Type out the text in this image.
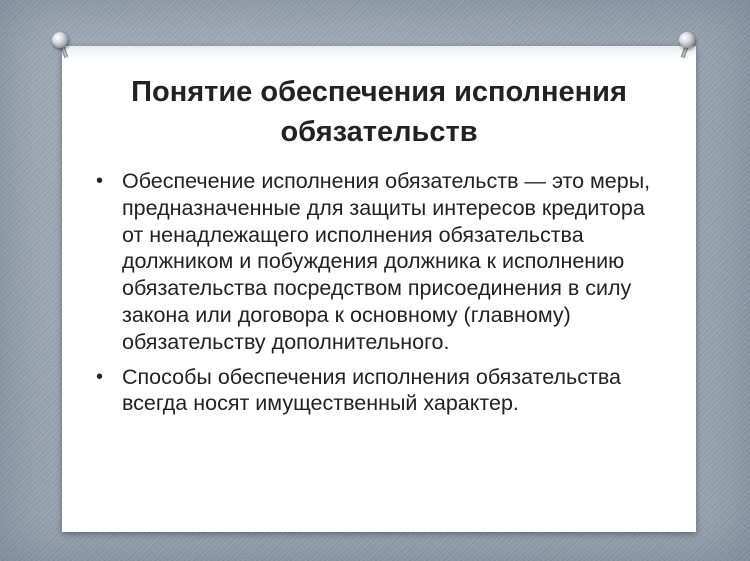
Понятие обеспечения исполнения
обязательств
• Обеспечение исполнения обязательств — это меры, предназначенные для защиты интересов кредитора от ненадлежащего исполнения обязательства должником и побуждения должника к исполнению обязательства посредством присоединения в силу закона или договора к основному (главному) обязательству дополнительного.
• Способы обеспечения исполнения обязательства всегда носят имущественный характер.
